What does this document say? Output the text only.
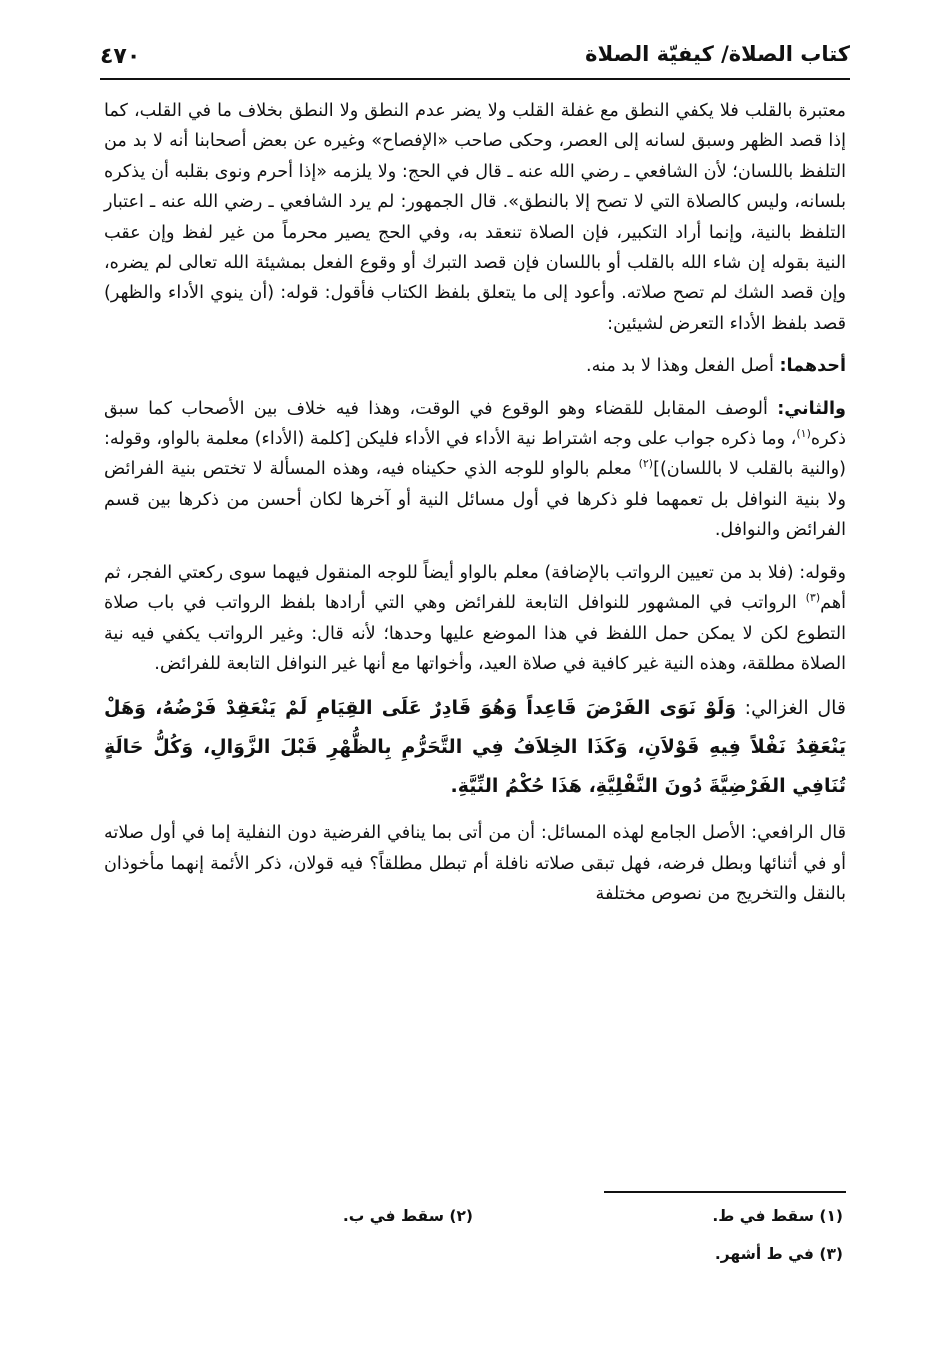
كتاب الصلاة/ كيفيّة الصلاة
٤٧٠

معتبرة بالقلب فلا يكفي النطق مع غفلة القلب ولا يضر عدم النطق ولا النطق بخلاف ما في القلب، كما إذا قصد الظهر وسبق لسانه إلى العصر، وحكى صاحب «الإفصاح» وغيره عن بعض أصحابنا أنه لا بد من التلفظ باللسان؛ لأن الشافعي ـ رضي الله عنه ـ قال في الحج: ولا يلزمه «إذا أحرم ونوى بقلبه أن يذكره بلسانه، وليس كالصلاة التي لا تصح إلا بالنطق». قال الجمهور: لم يرد الشافعي ـ رضي الله عنه ـ اعتبار التلفظ بالنية، وإنما أراد التكبير، فإن الصلاة تنعقد به، وفي الحج يصير محرماً من غير لفظ وإن عقب النية بقوله إن شاء الله بالقلب أو باللسان فإن قصد التبرك أو وقوع الفعل بمشيئة الله تعالى لم يضره، وإن قصد الشك لم تصح صلاته. وأعود إلى ما يتعلق بلفظ الكتاب فأقول: قوله: (أن ينوي الأداء والظهر) قصد بلفظ الأداء التعرض لشيئين:

أحدهما: أصل الفعل وهذا لا بد منه.

والثاني: ألوصف المقابل للقضاء وهو الوقوع في الوقت، وهذا فيه خلاف بين الأصحاب كما سبق ذكره$^{(١)}$، وما ذكره جواب على وجه اشتراط نية الأداء في الأداء فليكن [كلمة (الأداء) معلمة بالواو، وقوله: (والنية بالقلب لا باللسان)]$^{(٢)}$ معلم بالواو للوجه الذي حكيناه فيه، وهذه المسألة لا تختص بنية الفرائض ولا بنية النوافل بل تعمهما فلو ذكرها في أول مسائل النية أو آخرها لكان أحسن من ذكرها بين قسم الفرائض والنوافل.

وقوله: (فلا بد من تعيين الرواتب بالإضافة) معلم بالواو أيضاً للوجه المنقول فيهما سوى ركعتي الفجر، ثم أهم$^{(٣)}$ الرواتب في المشهور للنوافل التابعة للفرائض وهي التي أرادها بلفظ الرواتب في باب صلاة التطوع لكن لا يمكن حمل اللفظ في هذا الموضع عليها وحدها؛ لأنه قال: وغير الرواتب يكفي فيه نية الصلاة مطلقة، وهذه النية غير كافية في صلاة العيد، وأخواتها مع أنها غير النوافل التابعة للفرائض.

قال الغزالي: وَلَوْ نَوَى الفَرْضَ قَاعِداً وَهُوَ قَادِرٌ عَلَى القِيَامِ لَمْ يَنْعَقِدْ فَرْضُهُ، وَهَلْ يَنْعَقِدُ نَفْلاً فِيهِ قَوْلاَنِ، وَكَذَا الخِلاَفُ فِي التَّحَرُّمِ بِالظُّهْرِ قَبْلَ الزَّوَالِ، وَكُلُّ حَالَةٍ تُنَافِي الفَرْضِيَّةَ دُونَ النَّفْلِيَّةِ، هَذَا حُكْمُ النِّيَّةِ.

قال الرافعي: الأصل الجامع لهذه المسائل: أن من أتى بما ينافي الفرضية دون النفلية إما في أول صلاته أو في أثنائها وبطل فرضه، فهل تبقى صلاته نافلة أم تبطل مطلقاً؟ فيه قولان، ذكر الأئمة إنهما مأخوذان بالنقل والتخريج من نصوص مختلفة

(١) سقط في ط.
(٢) سقط في ب.
(٣) في ط أشهر.
